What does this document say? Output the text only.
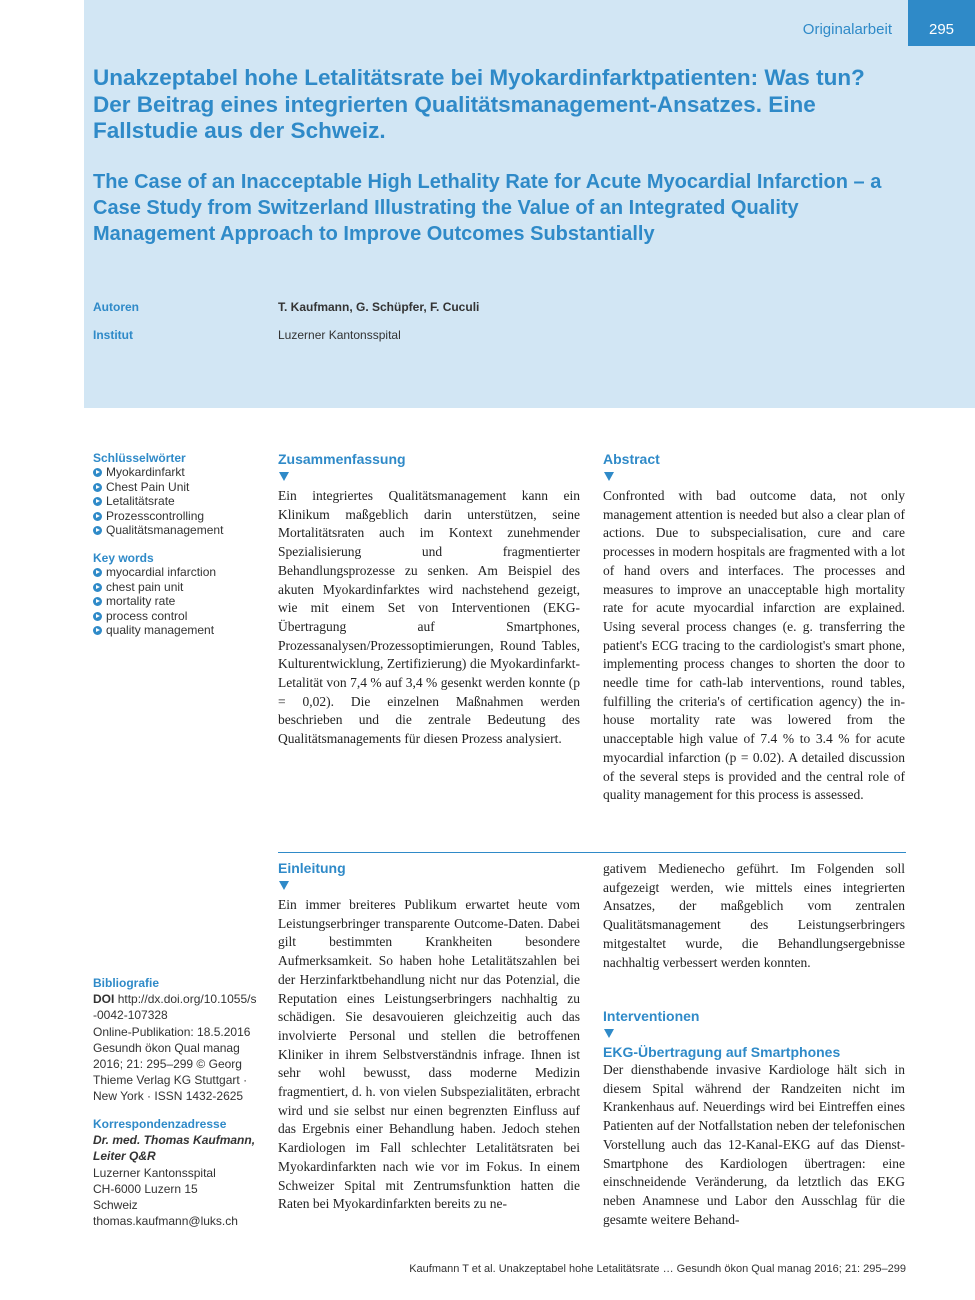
Originalarbeit	295
Unakzeptabel hohe Letalitätsrate bei Myokardinfarktpatienten: Was tun? Der Beitrag eines integrierten Qualitätsmanagement-Ansatzes. Eine Fallstudie aus der Schweiz.
The Case of an Inacceptable High Lethality Rate for Acute Myocardial Infarction – a Case Study from Switzerland Illustrating the Value of an Integrated Quality Management Approach to Improve Outcomes Substantially
Autoren	T. Kaufmann, G. Schüpfer, F. Cuculi
Institut	Luzerner Kantonsspital
Schlüsselwörter
Myokardinfarkt
Chest Pain Unit
Letalitätsrate
Prozesscontrolling
Qualitätsmanagement
Key words
myocardial infarction
chest pain unit
mortality rate
process control
quality management
Zusammenfassung

Ein integriertes Qualitätsmanagement kann ein Klinikum maßgeblich darin unterstützen, seine Mortalitätsraten auch im Kontext zunehmender Spezialisierung und fragmentierter Behandlungsprozesse zu senken. Am Beispiel des akuten Myokardinfarktes wird nachstehend gezeigt, wie mit einem Set von Interventionen (EKG-Übertragung auf Smartphones, Prozessanalysen/Prozessoptimierungen, Round Tables, Kulturentwicklung, Zertifizierung) die Myokardinfarkt-Letalität von 7,4 % auf 3,4 % gesenkt werden konnte (p = 0,02). Die einzelnen Maßnahmen werden beschrieben und die zentrale Bedeutung des Qualitätsmanagements für diesen Prozess analysiert.

Abstract

Confronted with bad outcome data, not only management attention is needed but also a clear plan of actions. Due to subspecialisation, cure and care processes in modern hospitals are fragmented with a lot of hand overs and interfaces. The processes and measures to improve an unacceptable high mortality rate for acute myocardial infarction are explained. Using several process changes (e. g. transferring the patient's ECG tracing to the cardiologist's smart phone, implementing process changes to shorten the door to needle time for cath-lab interventions, round tables, fulfilling the criteria's of certification agency) the in-house mortality rate was lowered from the unacceptable high value of 7.4 % to 3.4 % for acute myocardial infarction (p = 0.02). A detailed discussion of the several steps is provided and the central role of quality management for this process is assessed.

Einleitung

Ein immer breiteres Publikum erwartet heute vom Leistungserbringer transparente Outcome-Daten. Dabei gilt bestimmten Krankheiten besondere Aufmerksamkeit. So haben hohe Letalitätszahlen bei der Herzinfarktbehandlung nicht nur das Potenzial, die Reputation eines Leistungserbringers nachhaltig zu schädigen. Sie desavouieren gleichzeitig auch das involvierte Personal und stellen die betroffenen Kliniker in ihrem Selbstverständnis infrage. Ihnen ist sehr wohl bewusst, dass moderne Medizin fragmentiert, d. h. von vielen Subspezialitäten, erbracht wird und sie selbst nur einen begrenzten Einfluss auf das Ergebnis einer Behandlung haben. Jedoch stehen Kardiologen im Fall schlechter Letalitätsraten bei Myokardinfarkten nach wie vor im Fokus. In einem Schweizer Spital mit Zentrumsfunktion hatten die Raten bei Myokardinfarkten bereits zu ne-

gativem Medienecho geführt. Im Folgenden soll aufgezeigt werden, wie mittels eines integrierten Ansatzes, der maßgeblich vom zentralen Qualitätsmanagement des Leistungserbringers mitgestaltet wurde, die Behandlungsergebnisse nachhaltig verbessert werden konnten.

Interventionen
EKG-Übertragung auf Smartphones

Der diensthabende invasive Kardiologe hält sich in diesem Spital während der Randzeiten nicht im Krankenhaus auf. Neuerdings wird bei Eintreffen eines Patienten auf der Notfallstation neben der telefonischen Vorstellung auch das 12-Kanal-EKG auf das Dienst-Smartphone des Kardiologen übertragen: eine einschneidende Veränderung, da letztlich das EKG neben Anamnese und Labor den Ausschlag für die gesamte weitere Behand-

Bibliografie
DOI http://dx.doi.org/10.1055/s-0042-107328
Online-Publikation: 18.5.2016
Gesundh ökon Qual manag 2016; 21: 295–299 © Georg Thieme Verlag KG Stuttgart · New York · ISSN 1432-2625
Korrespondenzadresse
Dr. med. Thomas Kaufmann, Leiter Q&R
Luzerner Kantonsspital
CH-6000 Luzern 15
Schweiz
thomas.kaufmann@luks.ch
Kaufmann T et al. Unakzeptabel hohe Letalitätsrate … Gesundh ökon Qual manag 2016; 21: 295–299
